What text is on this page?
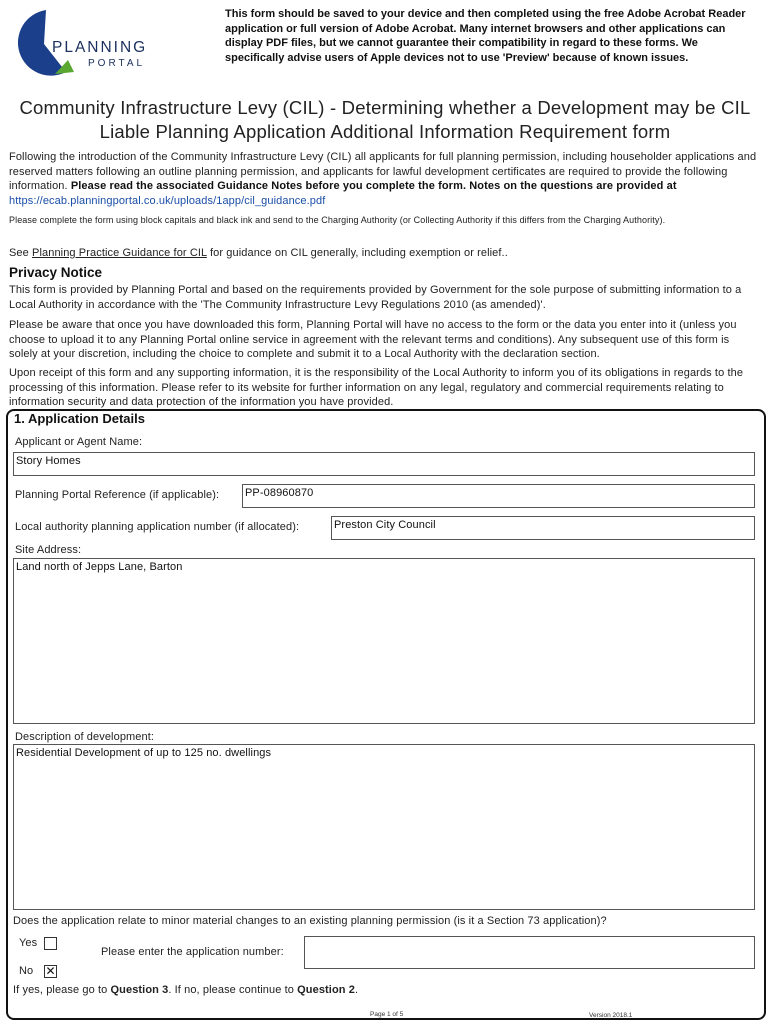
PLANNING
PORTAL
This form should be saved to your device and then completed using the free Adobe Acrobat Reader application or full version of Adobe Acrobat. Many internet browsers and other applications can display PDF files, but we cannot guarantee their compatibility in regard to these forms. We specifically advise users of Apple devices not to use 'Preview' because of known issues.
Community Infrastructure Levy (CIL) - Determining whether a Development may be CIL
Liable Planning Application Additional Information Requirement form
Following the introduction of the Community Infrastructure Levy (CIL) all applicants for full planning permission, including householder applications and reserved matters following an outline planning permission, and applicants for lawful development certificates are required to provide the following information. Please read the associated Guidance Notes before you complete the form. Notes on the questions are provided at https://ecab.planningportal.co.uk/uploads/1app/cil_guidance.pdf
Please complete the form using block capitals and black ink and send to the Charging Authority (or Collecting Authority if this differs from the Charging Authority).
See Planning Practice Guidance for CIL for guidance on CIL generally, including exemption or relief..
Privacy Notice
This form is provided by Planning Portal and based on the requirements provided by Government for the sole purpose of submitting information to a Local Authority in accordance with the 'The Community Infrastructure Levy Regulations 2010 (as amended)'.
Please be aware that once you have downloaded this form, Planning Portal will have no access to the form or the data you enter into it (unless you choose to upload it to any Planning Portal online service in agreement with the relevant terms and conditions). Any subsequent use of this form is solely at your discretion, including the choice to complete and submit it to a Local Authority with the declaration section.
Upon receipt of this form and any supporting information, it is the responsibility of the Local Authority to inform you of its obligations in regards to the processing of this information. Please refer to its website for further information on any legal, regulatory and commercial requirements relating to information security and data protection of the information you have provided.
1. Application Details
Applicant or Agent Name:
Story Homes
Planning Portal Reference (if applicable): PP-08960870
Local authority planning application number (if allocated):	Preston City Council
Site Address:
Land north of Jepps Lane, Barton
Description of development:
Residential Development of up to 125 no. dwellings
Does the application relate to minor material changes to an existing planning permission (is it a Section 73 application)?
Yes
Please enter the application number:
No ✕
If yes, please go to Question 3. If no, please continue to Question 2.
Page 1 of 5	Version 2018.1
